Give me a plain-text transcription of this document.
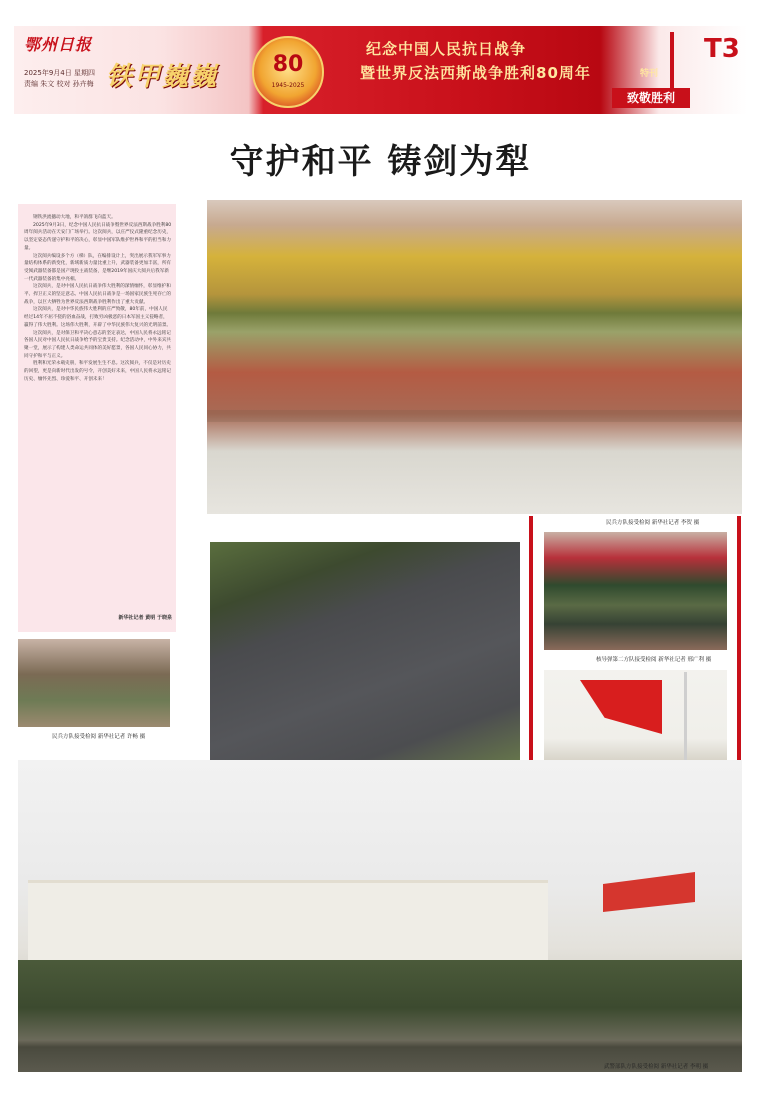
鄂州日报
2025年9月4日 星期四
责编 朱文 校对 孙卉梅 铁甲巍巍	80
1945-2025
纪念中国人民抗日战争
暨世界反法西斯战争胜利80周年	特刊
致敬胜利
T3
守护和平 铸剑为犁
钢铁洪流撼动大地，和平鸽群飞向蓝天。
2025年9月3日，纪念中国人民抗日战争暨世界反法西斯战争胜利80周年阅兵活动在天安门广场举行。这次阅兵，以庄严仪式隆重纪念历史，以坚定姿态传递守护和平的决心，彰显中国军队维护世界和平的担当和力量。
这次阅兵编设多个方（梯）队，在编排设计上，突出展示我军军事力量结构体系的新变化，新域新质力量比重上升，武器装备更加丰富，所有受阅武器装备都是国产现役主战装备，是继2019年国庆大阅兵后我军新一代武器装备的集中亮相。
这次阅兵，是对中国人民抗日战争伟大胜利的深情缅怀，彰显维护和平、捍卫正义的坚定意志。中国人民抗日战争是一场国家民族生死存亡的战争，以巨大牺牲为世界反法西斯战争胜利作出了重大贡献。
这次阅兵，是对中华民族伟大胜利的庄严致敬，80年前，中国人民经过14年不屈不挠的浴血奋战，打败穷凶极恶的日本军国主义侵略者，赢得了伟大胜利。这场伟大胜利，开辟了中华民族伟大复兴的光明前景。
这次阅兵，是对保卫和平决心意志的坚定表达，中国人民将永远铭记各国人民对中国人民抗日战争给予的宝贵支持。纪念活动中，中外来宾共聚一堂，展示了构建人类命运共同体的美好愿景，各国人民同心协力，共同守护和平与正义。
胜利和光荣永载史册，和平发展生生不息。这次阅兵，不仅是对历史的回望，更是向新时代出发的号令，开创美好未来，中国人民将永远铭记历史、缅怀先烈、珍爱和平、开创未来！
新华社记者 黄明 于晓泉
民兵方队接受检阅 新华社记者 李贺 摄
核导弹第二方队接受检阅 新华社记者 邢广利 摄
民兵方队接受检阅 新华社记者 许畅 摄
武警部队方队接受检阅 新华社记者 李明 摄
